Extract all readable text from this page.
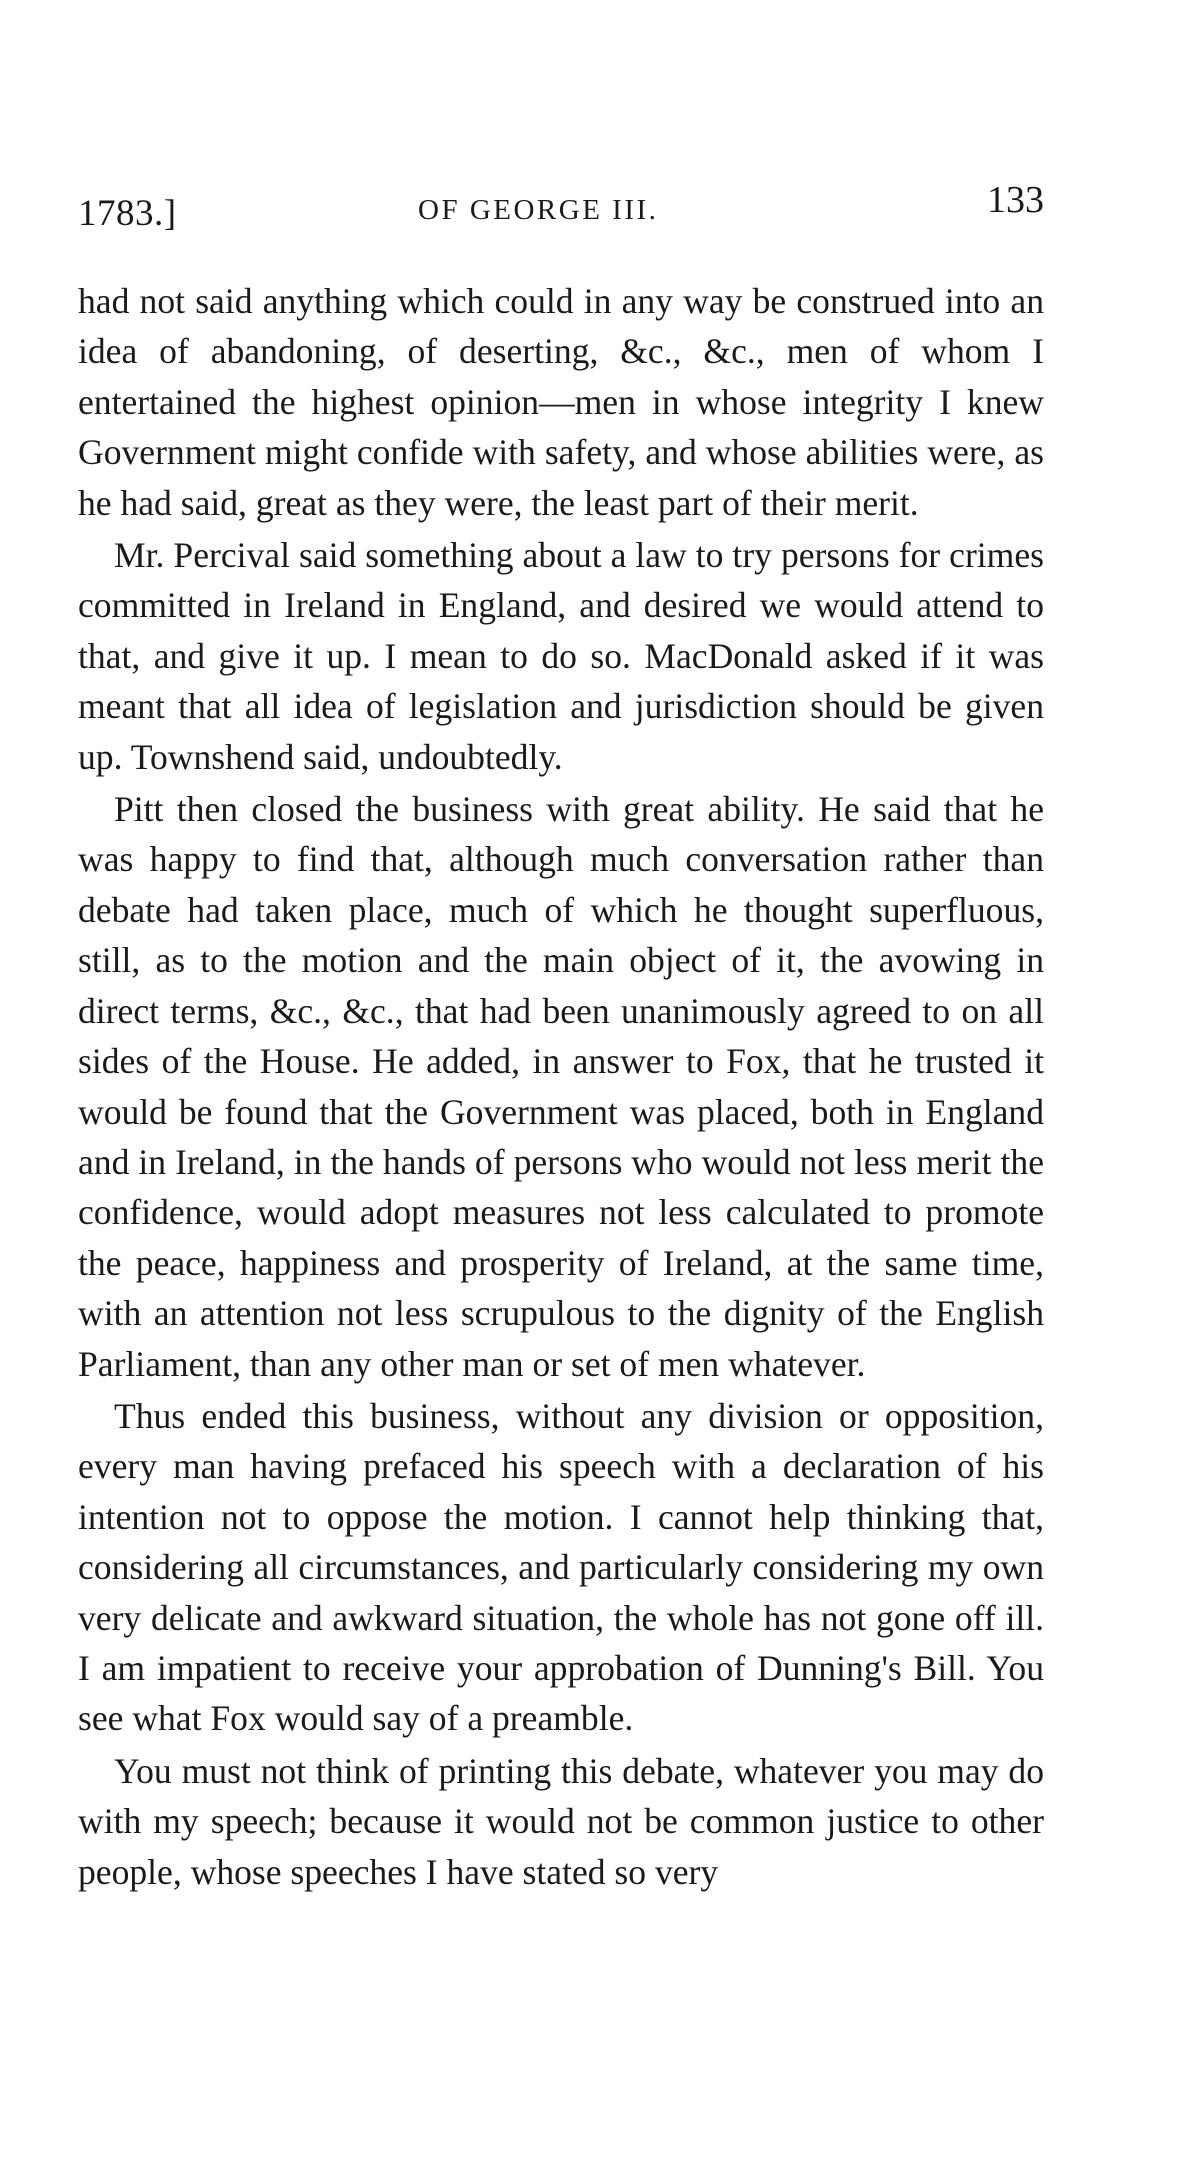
1783.]	OF GEORGE III.	133

had not said anything which could in any way be construed into an idea of abandoning, of deserting, &c., &c., men of whom I entertained the highest opinion—men in whose integrity I knew Government might confide with safety, and whose abilities were, as he had said, great as they were, the least part of their merit.

Mr. Percival said something about a law to try persons for crimes committed in Ireland in England, and desired we would attend to that, and give it up. I mean to do so. MacDonald asked if it was meant that all idea of legislation and jurisdiction should be given up. Townshend said, undoubtedly.

Pitt then closed the business with great ability. He said that he was happy to find that, although much conversation rather than debate had taken place, much of which he thought superfluous, still, as to the motion and the main object of it, the avowing in direct terms, &c., &c., that had been unanimously agreed to on all sides of the House. He added, in answer to Fox, that he trusted it would be found that the Government was placed, both in England and in Ireland, in the hands of persons who would not less merit the confidence, would adopt measures not less calculated to promote the peace, happiness and prosperity of Ireland, at the same time, with an attention not less scrupulous to the dignity of the English Parliament, than any other man or set of men whatever.

Thus ended this business, without any division or opposition, every man having prefaced his speech with a declaration of his intention not to oppose the motion. I cannot help thinking that, considering all circumstances, and particularly considering my own very delicate and awkward situation, the whole has not gone off ill. I am impatient to receive your approbation of Dunning's Bill. You see what Fox would say of a preamble.

You must not think of printing this debate, whatever you may do with my speech; because it would not be common justice to other people, whose speeches I have stated so very
